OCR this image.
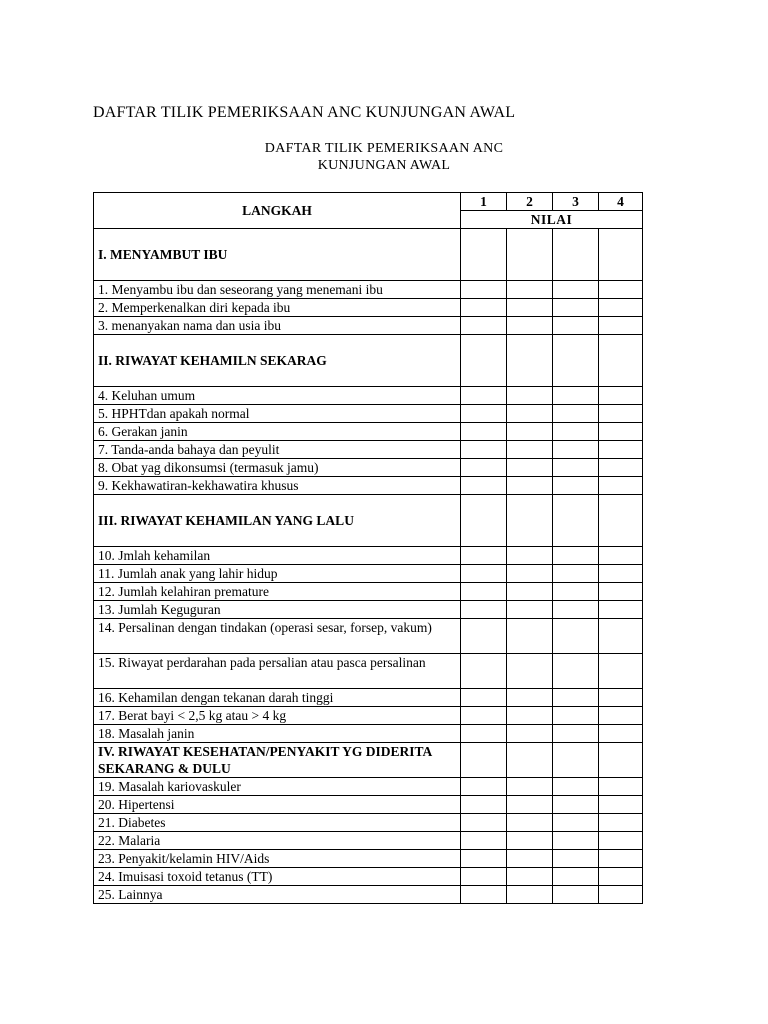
DAFTAR TILIK PEMERIKSAAN ANC KUNJUNGAN AWAL
DAFTAR TILIK PEMERIKSAAN ANC
KUNJUNGAN AWAL
LANGKAH	1	2	3	4
	NILAI			
I. MENYAMBUT IBU				
1. Menyambu ibu dan seseorang yang menemani ibu				
2. Memperkenalkan diri kepada ibu				
3. menanyakan nama dan usia ibu				
II. RIWAYAT KEHAMILN SEKARAG				
4. Keluhan umum				
5. HPHTdan apakah normal				
6. Gerakan janin				
7. Tanda-anda bahaya dan peyulit				
8. Obat yag dikonsumsi (termasuk jamu)				
9. Kekhawatiran-kekhawatira khusus				
III. RIWAYAT KEHAMILAN YANG LALU				
10. Jmlah kehamilan				
11. Jumlah anak yang lahir hidup				
12. Jumlah kelahiran premature				
13. Jumlah Keguguran				
14. Persalinan dengan tindakan (operasi sesar, forsep, vakum)				
15. Riwayat perdarahan pada persalian atau pasca persalinan				
16. Kehamilan dengan tekanan darah tinggi				
17. Berat bayi < 2,5 kg atau > 4 kg				
18. Masalah janin				
IV. RIWAYAT KESEHATAN/PENYAKIT YG DIDERITA SEKARANG & DULU				
19. Masalah kariovaskuler				
20. Hipertensi				
21. Diabetes				
22. Malaria				
23. Penyakit/kelamin HIV/Aids				
24. Imuisasi toxoid tetanus (TT)				
25. Lainnya				
